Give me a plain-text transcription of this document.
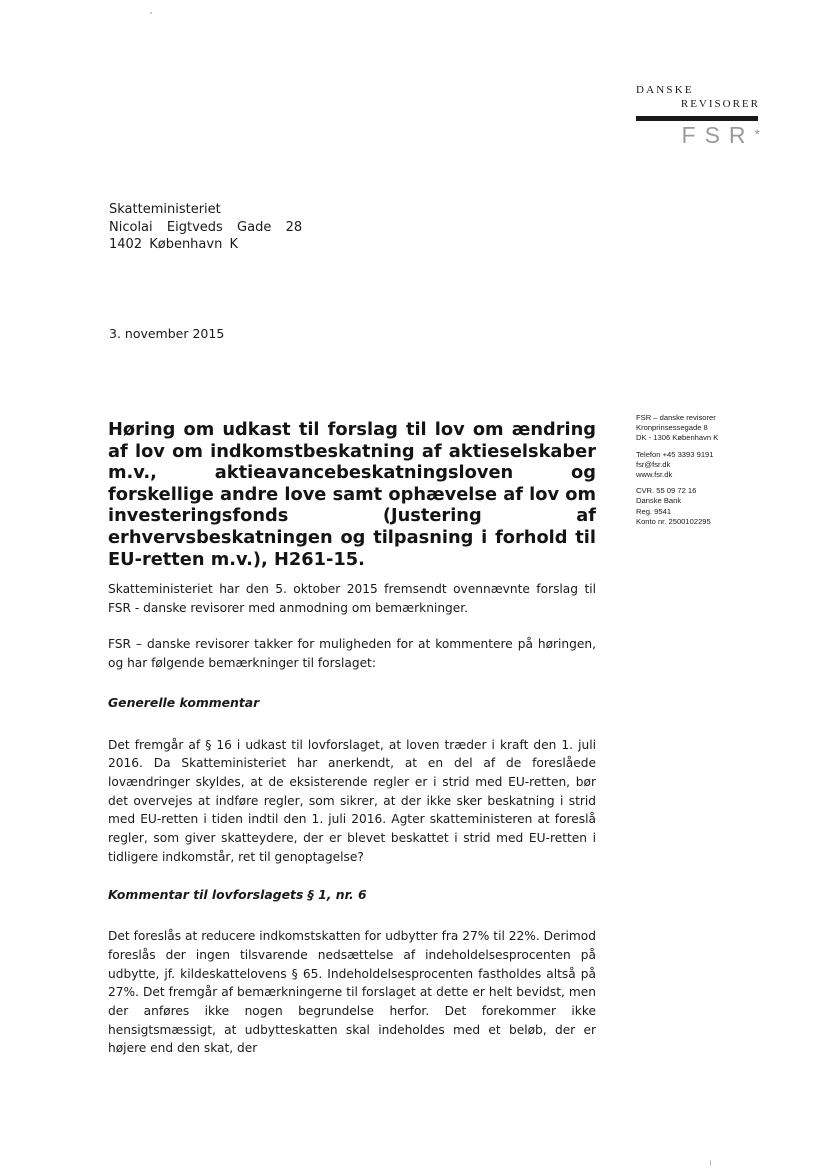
DANSKE
REVISORER
FSR*
Skatteministeriet
Nicolai  Eigtveds  Gade  28
1402 København K
3. november 2015
Høring om udkast til forslag til lov om ændring af lov om indkomstbeskatning af aktieselskaber m.v., aktieavancebeskatningsloven og forskellige andre love samt ophævelse af lov om investeringsfonds (Justering af erhvervsbeskatningen og tilpasning i forhold til EU-retten m.v.), H261-15.
FSR – danske revisorer
Kronprinsessegade 8
DK - 1306 København K
Telefon +45 3393 9191
fsr@fsr.dk
www.fsr.dk
CVR. 55 09 72 16
Danske Bank
Reg. 9541
Konto nr. 2500102295

Skatteministeriet har den 5. oktober 2015 fremsendt ovennævnte forslag til FSR - danske revisorer med anmodning om bemærkninger.

FSR – danske revisorer takker for muligheden for at kommentere på høringen, og har følgende bemærkninger til forslaget:

Generelle kommentar

Det fremgår af § 16 i udkast til lovforslaget, at loven træder i kraft den 1. juli 2016. Da Skatteministeriet har anerkendt, at en del af de foreslåede lovændringer skyldes, at de eksisterende regler er i strid med EU-retten, bør det overvejes at indføre regler, som sikrer, at der ikke sker beskatning i strid med EU-retten i tiden indtil den 1. juli 2016. Agter skatteministeren at foreslå regler, som giver skatteydere, der er blevet beskattet i strid med EU-retten i tidligere indkomstår, ret til genoptagelse?

Kommentar til lovforslagets § 1, nr. 6

Det foreslås at reducere indkomstskatten for udbytter fra 27% til 22%. Derimod foreslås der ingen tilsvarende nedsættelse af indeholdelsesprocenten på udbytte, jf. kildeskattelovens § 65. Indeholdelsesprocenten fastholdes altså på 27%. Det fremgår af bemærkningerne til forslaget at dette er helt bevidst, men der anføres ikke nogen begrundelse herfor. Det forekommer ikke hensigtsmæssigt, at udbytteskatten skal indeholdes med et beløb, der er højere end den skat, der
